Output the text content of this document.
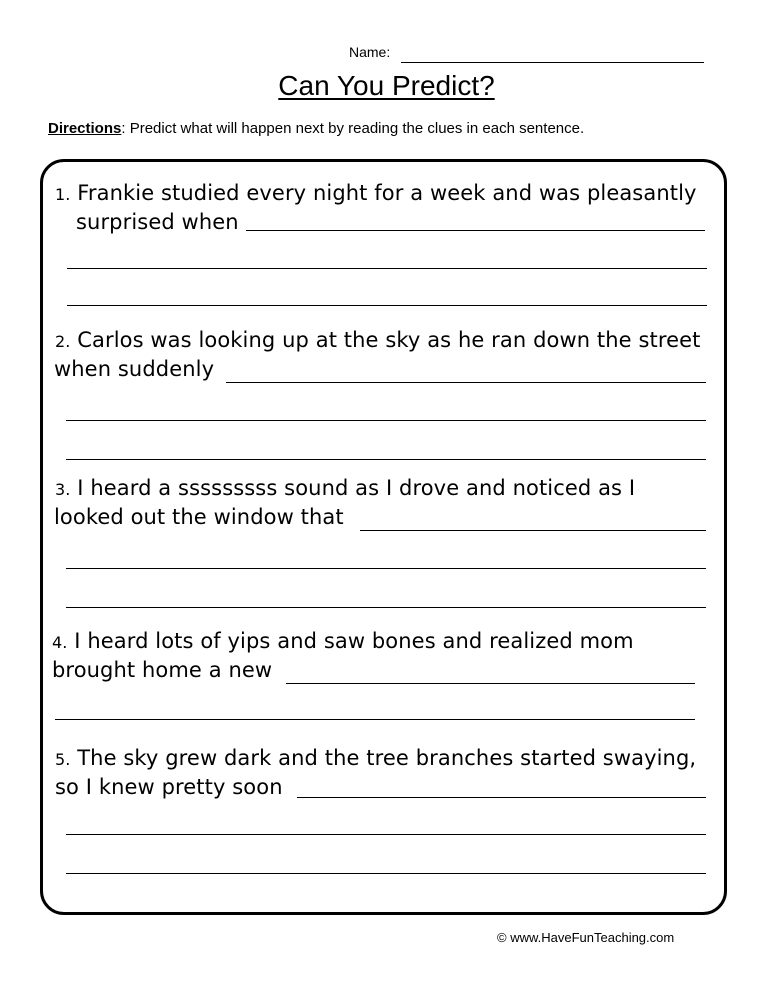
Name:
Can You Predict?
Directions: Predict what will happen next by reading the clues in each sentence.
1. Frankie studied every night for a week and was pleasantly
surprised when
2. Carlos was looking up at the sky as he ran down the street
when suddenly
3. I heard a sssssssss sound as I drove and noticed as I
looked out the window that
4. I heard lots of yips and saw bones and realized mom
brought home a new
5. The sky grew dark and the tree branches started swaying,
so I knew pretty soon
© www.HaveFunTeaching.com
